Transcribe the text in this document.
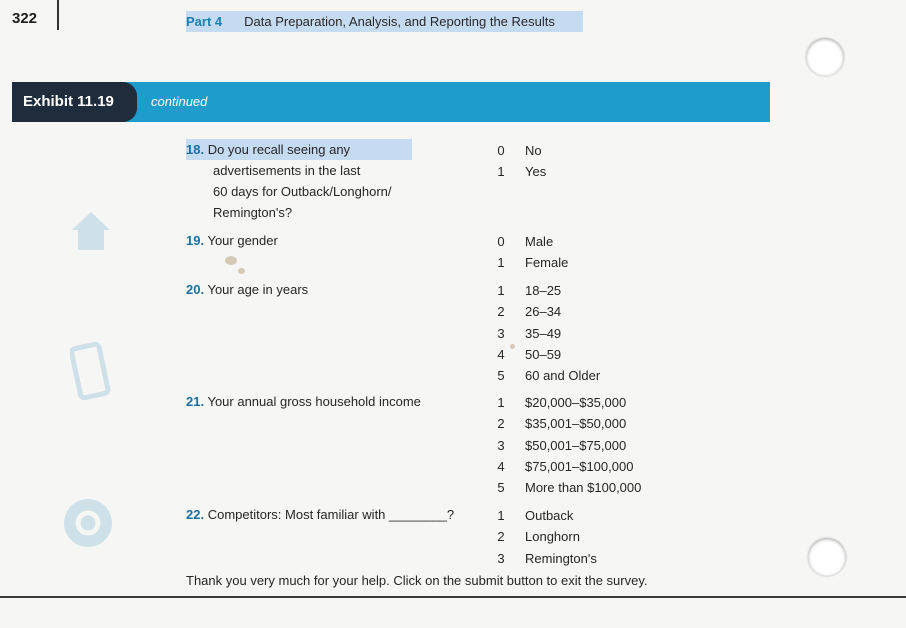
322	Part 4 Data Preparation, Analysis, and Reporting the Results
Exhibit 11.19	continued
18. Do you recall seeing any
advertisements in the last
60 days for Outback/Longhorn/
Remington's?
0	No
1	Yes
19. Your gender	0	Male
1	Female
20. Your age in years	1	18–25
2	26–34
3	35–49
4	50–59
5	60 and Older
21. Your annual gross household income	1	$20,000–$35,000
2	$35,001–$50,000
3	$50,001–$75,000
4	$75,001–$100,000
5	More than $100,000
22. Competitors: Most familiar with ________?	1	Outback
2	Longhorn
3	Remington's
Thank you very much for your help. Click on the submit button to exit the survey.
